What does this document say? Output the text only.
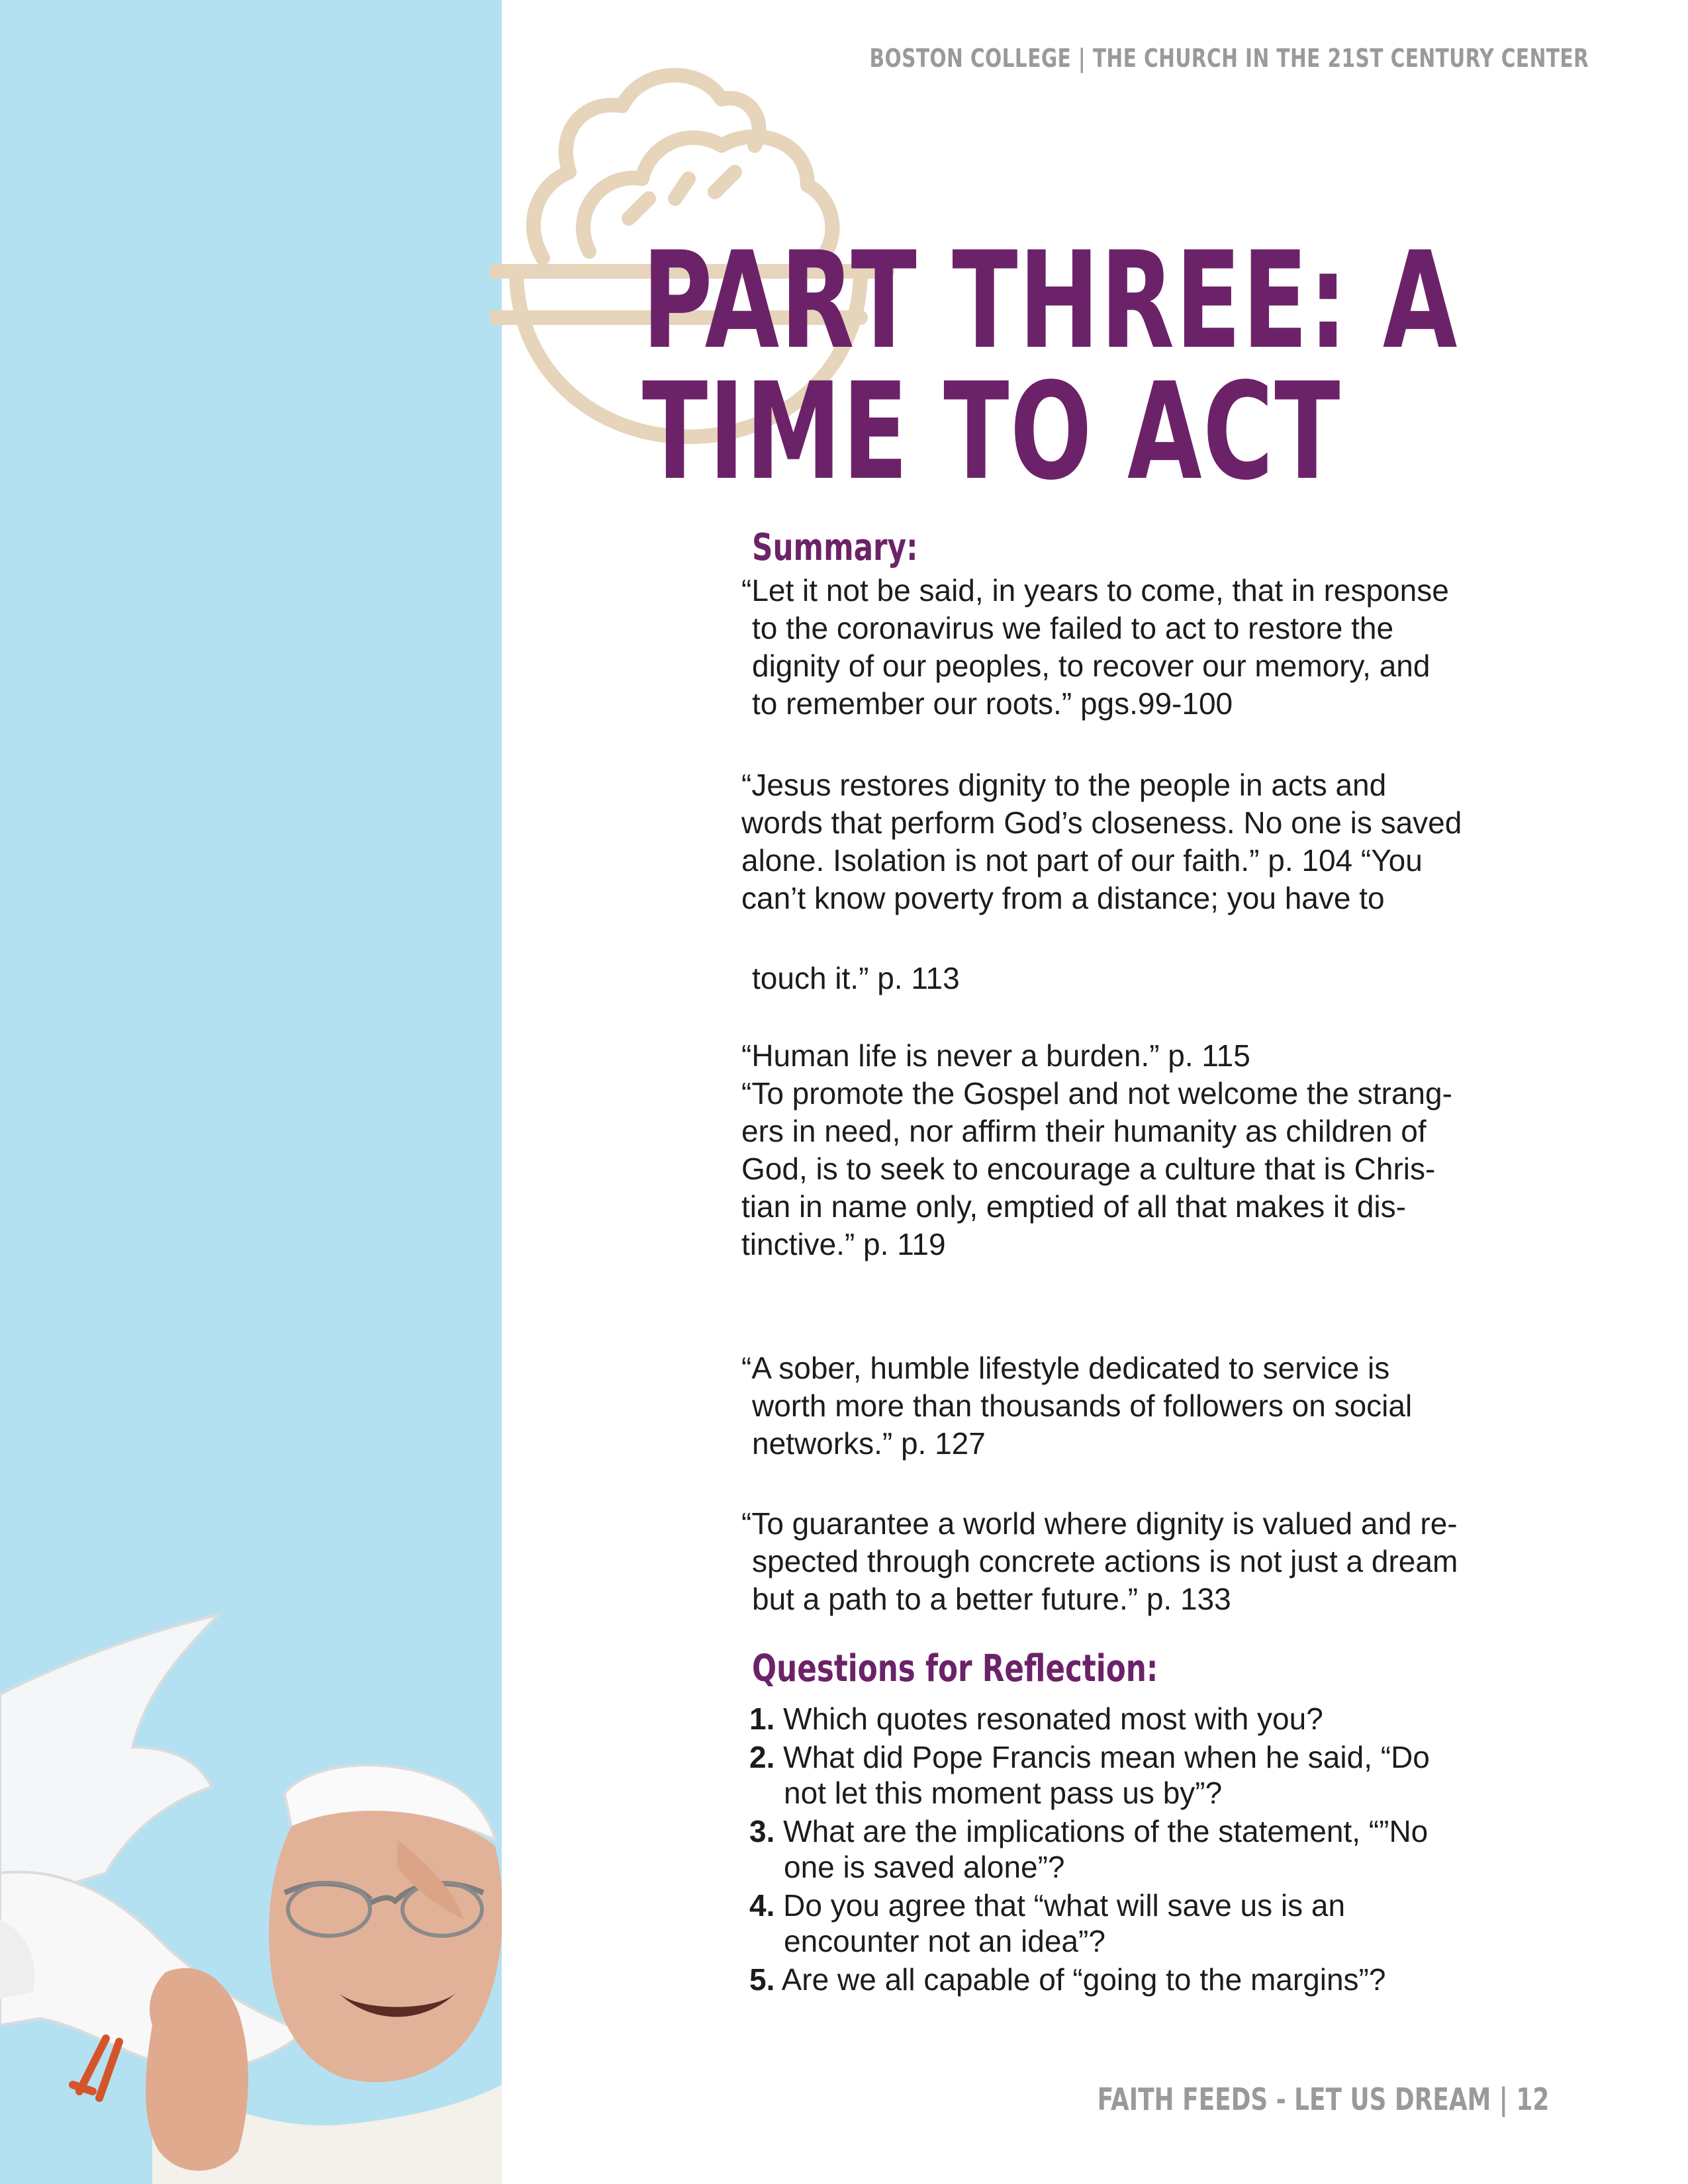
BOSTON COLLEGE | THE CHURCH IN THE 21ST CENTURY CENTER
PART THREE: A
TIME TO ACT
Summary:

“Let it not be said, in years to come, that in response
to the coronavirus we failed to act to restore the
dignity of our peoples, to recover our memory, and
to remember our roots.” pgs.99-100

“Jesus restores dignity to the people in acts and
words that perform God’s closeness. No one is saved
alone. Isolation is not part of our faith.” p. 104 “You
can’t know poverty from a distance; you have to

touch it.” p. 113

“Human life is never a burden.” p. 115
“To promote the Gospel and not welcome the strang-
ers in need, nor affirm their humanity as children of
God, is to seek to encourage a culture that is Chris-
tian in name only, emptied of all that makes it dis-
tinctive.” p. 119

“A sober, humble lifestyle dedicated to service is
worth more than thousands of followers on social
networks.” p. 127

“To guarantee a world where dignity is valued and re-
spected through concrete actions is not just a dream
but a path to a better future.” p. 133

Questions for Reflection:
1. Which quotes resonated most with you?
2. What did Pope Francis mean when he said, “Do
not let this moment pass us by”?
3. What are the implications of the statement, “”No
one is saved alone”?
4. Do you agree that “what will save us is an
encounter not an idea”?
5. Are we all capable of “going to the margins”?
FAITH FEEDS - LET US DREAM | 12
